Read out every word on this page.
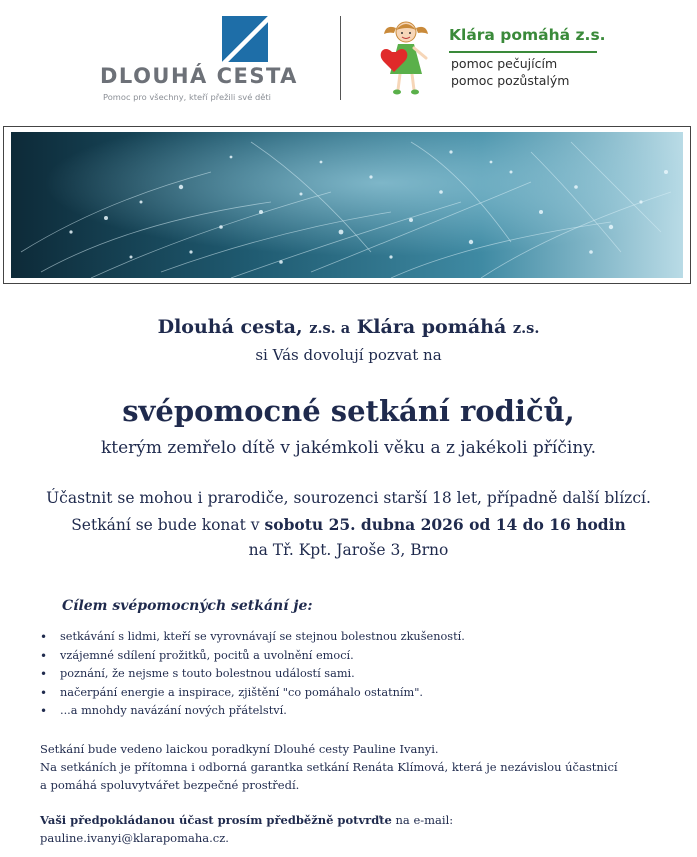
DLOUHÁ CESTA
Pomoc pro všechny, kteří přežili své děti
Klára pomáhá z.s.
pomoc pečujícím
pomoc pozůstalým
Dlouhá cesta, z.s. a Klára pomáhá z.s.
si Vás dovolují pozvat na
svépomocné setkání rodičů,
kterým zemřelo dítě v jakémkoli věku a z jakékoli příčiny.
Účastnit se mohou i prarodiče, sourozenci starší 18 let, případně další blízcí.
Setkání se bude konat v sobotu 25. dubna 2026 od 14 do 16 hodin
na Tř. Kpt. Jaroše 3, Brno
Cílem svépomocných setkání je:
• setkávání s lidmi, kteří se vyrovnávají se stejnou bolestnou zkušeností.
• vzájemné sdílení prožitků, pocitů a uvolnění emocí.
• poznání, že nejsme s touto bolestnou událostí sami.
• načerpání energie a inspirace, zjištění "co pomáhalo ostatním".
• ...a mnohdy navázání nových přátelství.
Setkání bude vedeno laickou poradkyní Dlouhé cesty Pauline Ivanyi.
Na setkáních je přítomna i odborná garantka setkání Renáta Klímová, která je nezávislou účastnicí
a pomáhá spoluvytvářet bezpečné prostředí.
Vaši předpokládanou účast prosím předběžně potvrďte na e-mail:
pauline.ivanyi@klarapomaha.cz.
